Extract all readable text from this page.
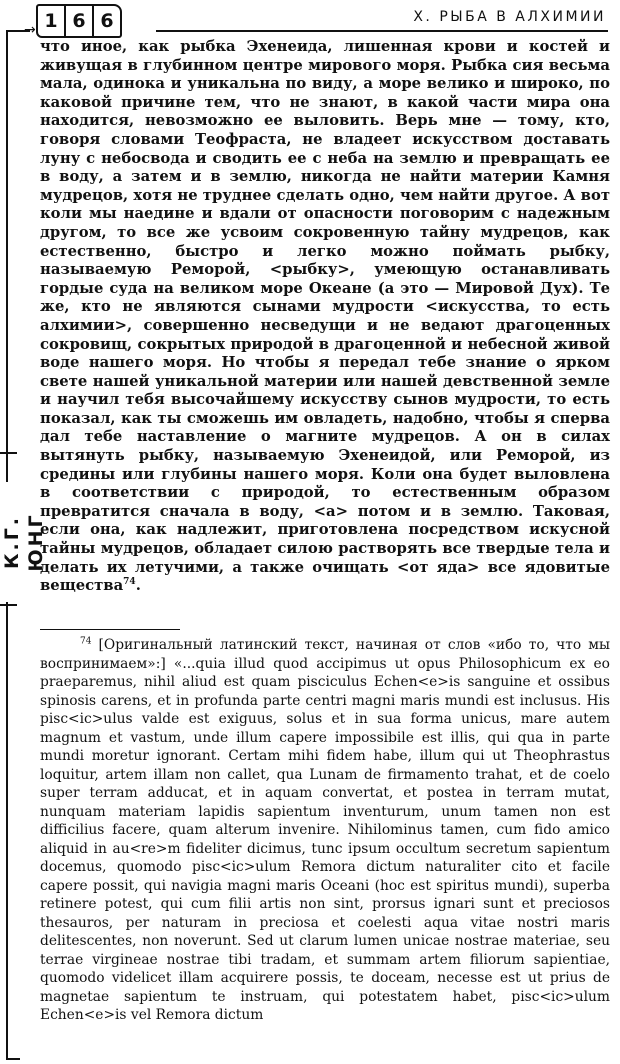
1 6 6	X. РЫБА В АЛХИМИИ
→
К.Г. ЮНГ

что иное, как рыбка Эхенеида, лишенная крови и костей и живущая в глубинном центре мирового моря. Рыбка сия весьма мала, одинока и уникальна по виду, а море велико и широко, по каковой причине тем, что не знают, в какой части мира она находится, невозможно ее выловить. Верь мне — тому, кто, говоря словами Теофраста, не владеет искусством доставать луну с небосвода и сводить ее с неба на землю и превращать ее в воду, а затем и в землю, никогда не найти материи Камня мудрецов, хотя не труднее сделать одно, чем найти другое. А вот коли мы наедине и вдали от опасности поговорим с надежным другом, то все же усвоим сокровенную тайну мудрецов, как естественно, быстро и легко можно поймать рыбку, называемую Реморой, <рыбку>, умеющую останавливать гордые суда на великом море Океане (а это — Мировой Дух). Те же, кто не являются сынами мудрости <искусства, то есть алхимии>, совершенно несведущи и не ведают драгоценных сокровищ, сокрытых природой в драгоценной и небесной живой воде нашего моря. Но чтобы я передал тебе знание о ярком свете нашей уникальной материи или нашей девственной земле и научил тебя высочайшему искусству сынов мудрости, то есть показал, как ты сможешь им овладеть, надобно, чтобы я сперва дал тебе наставление о магните мудрецов. А он в силах вытянуть рыбку, называемую Эхенеидой, или Реморой, из средины или глубины нашего моря. Коли она будет выловлена в соответствии с природой, то естественным образом превратится сначала в воду, <а> потом и в землю. Таковая, если она, как надлежит, приготовлена посредством искусной тайны мудрецов, обладает силою растворять все твердые тела и делать их летучими, а также очищать <от яда> все ядовитые вещества$^{74}$.

$^{74}$ [Оригинальный латинский текст, начиная от слов «ибо то, что мы воспринимаем»:] «...quia illud quod accipimus ut opus Philosophicum ex eo praeparemus, nihil aliud est quam pisciculus Echen<e>is sanguine et ossibus spinosis carens, et in profunda parte centri magni maris mundi est inclusus. His pisc<ic>ulus valde est exiguus, solus et in sua forma unicus, mare autem magnum et vastum, unde illum capere impossibile est illis, qui qua in parte mundi moretur ignorant. Certam mihi fidem habe, illum qui ut Theophrastus loquitur, artem illam non callet, qua Lunam de firmamento trahat, et de coelo super terram adducat, et in aquam convertat, et postea in terram mutat, nunquam materiam lapidis sapientum inventurum, unum tamen non est difficilius facere, quam alterum invenire. Nihilominus tamen, cum fido amico aliquid in au<re>m fideliter dicimus, tunc ipsum occultum secretum sapientum docemus, quomodo pisc<ic>ulum Remora dictum naturaliter cito et facile capere possit, qui navigia magni maris Oceani (hoc est spiritus mundi), superba retinere potest, qui cum filii artis non sint, prorsus ignari sunt et preciosos thesauros, per naturam in preciosa et coelesti aqua vitae nostri maris delitescentes, non noverunt. Sed ut clarum lumen unicae nostrae materiae, seu terrae virgineae nostrae tibi tradam, et summam artem filiorum sapientiae, quomodo videlicet illam acquirere possis, te doceam, necesse est ut prius de magnetae sapientum te instruam, qui potestatem habet, pisc<ic>ulum Echen<e>is vel Remora dictum
